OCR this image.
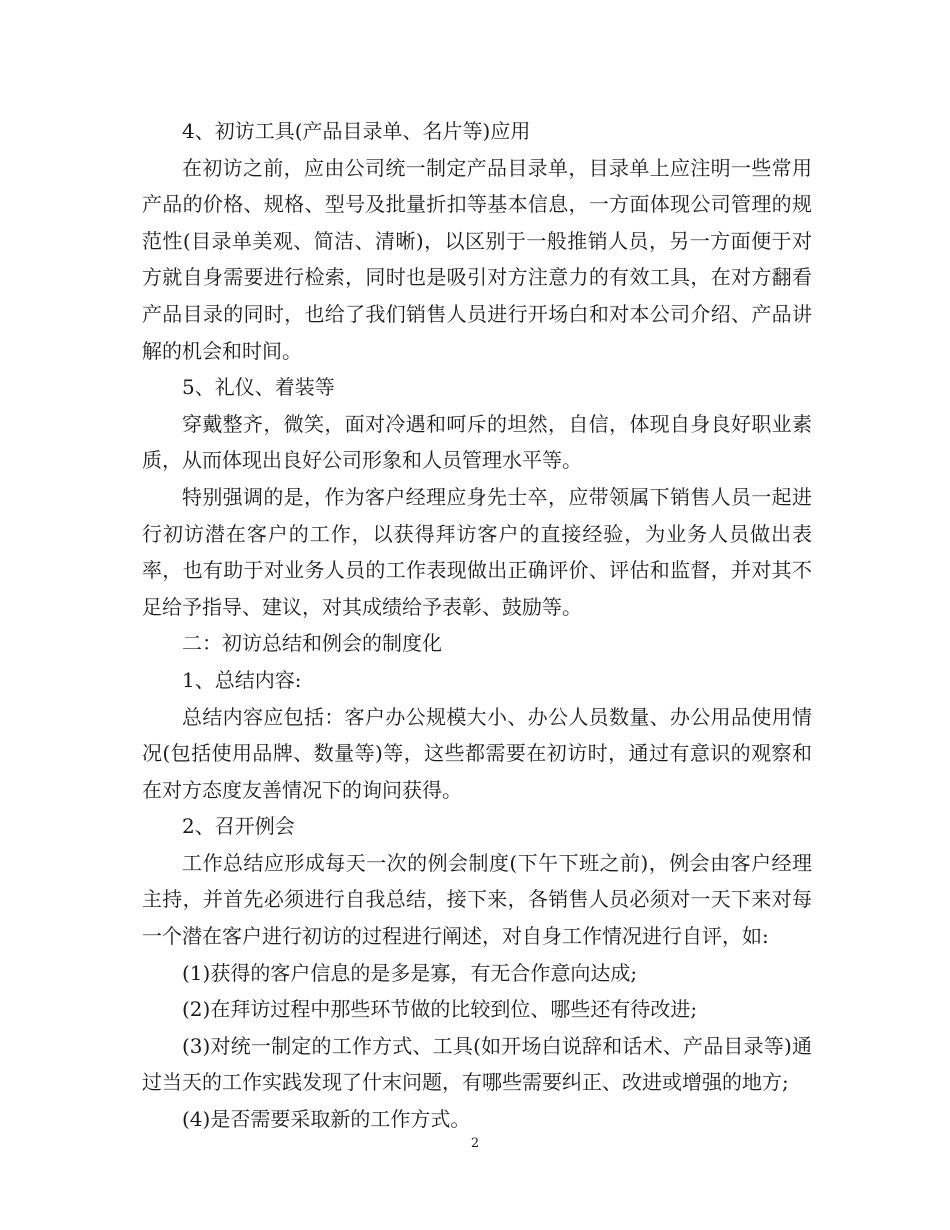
4、初访工具(产品目录单、名片等)应用

在初访之前，应由公司统一制定产品目录单，目录单上应注明一些常用产品的价格、规格、型号及批量折扣等基本信息，一方面体现公司管理的规范性(目录单美观、简洁、清晰)，以区别于一般推销人员，另一方面便于对方就自身需要进行检索，同时也是吸引对方注意力的有效工具，在对方翻看产品目录的同时，也给了我们销售人员进行开场白和对本公司介绍、产品讲解的机会和时间。

5、礼仪、着装等

穿戴整齐，微笑，面对冷遇和呵斥的坦然，自信，体现自身良好职业素质，从而体现出良好公司形象和人员管理水平等。

特别强调的是，作为客户经理应身先士卒，应带领属下销售人员一起进行初访潜在客户的工作，以获得拜访客户的直接经验，为业务人员做出表率，也有助于对业务人员的工作表现做出正确评价、评估和监督，并对其不足给予指导、建议，对其成绩给予表彰、鼓励等。

二：初访总结和例会的制度化

1、总结内容:

总结内容应包括：客户办公规模大小、办公人员数量、办公用品使用情况(包括使用品牌、数量等)等，这些都需要在初访时，通过有意识的观察和在对方态度友善情况下的询问获得。

2、召开例会

工作总结应形成每天一次的例会制度(下午下班之前)，例会由客户经理主持，并首先必须进行自我总结，接下来，各销售人员必须对一天下来对每一个潜在客户进行初访的过程进行阐述，对自身工作情况进行自评，如:

(1)获得的客户信息的是多是寡，有无合作意向达成;

(2)在拜访过程中那些环节做的比较到位、哪些还有待改进;

(3)对统一制定的工作方式、工具(如开场白说辞和话术、产品目录等)通过当天的工作实践发现了什末问题，有哪些需要纠正、改进或增强的地方;

(4)是否需要采取新的工作方式。

2
